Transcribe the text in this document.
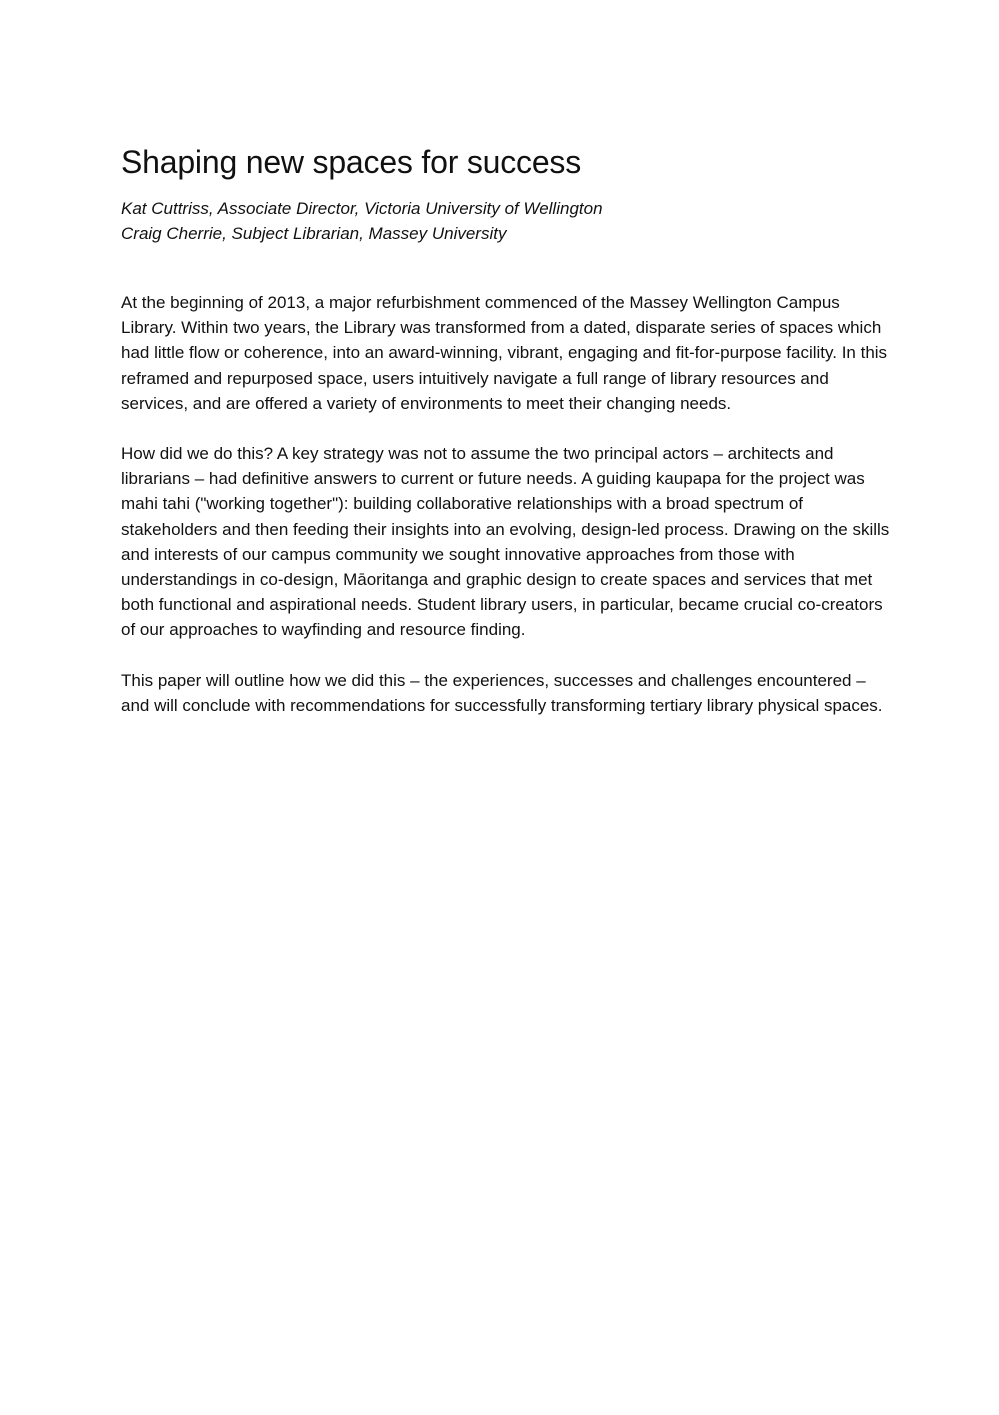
Shaping new spaces for success
Kat Cuttriss, Associate Director, Victoria University of Wellington
Craig Cherrie, Subject Librarian, Massey University

At the beginning of 2013, a major refurbishment commenced of the Massey Wellington Campus Library. Within two years, the Library was transformed from a dated, disparate series of spaces which had little flow or coherence, into an award-winning, vibrant, engaging and fit-for-purpose facility. In this reframed and repurposed space, users intuitively navigate a full range of library resources and services, and are offered a variety of environments to meet their changing needs.

How did we do this? A key strategy was not to assume the two principal actors – architects and librarians – had definitive answers to current or future needs. A guiding kaupapa for the project was mahi tahi ("working together"): building collaborative relationships with a broad spectrum of stakeholders and then feeding their insights into an evolving, design-led process. Drawing on the skills and interests of our campus community we sought innovative approaches from those with understandings in co-design, Māoritanga and graphic design to create spaces and services that met both functional and aspirational needs. Student library users, in particular, became crucial co-creators of our approaches to wayfinding and resource finding.

This paper will outline how we did this – the experiences, successes and challenges encountered – and will conclude with recommendations for successfully transforming tertiary library physical spaces.
